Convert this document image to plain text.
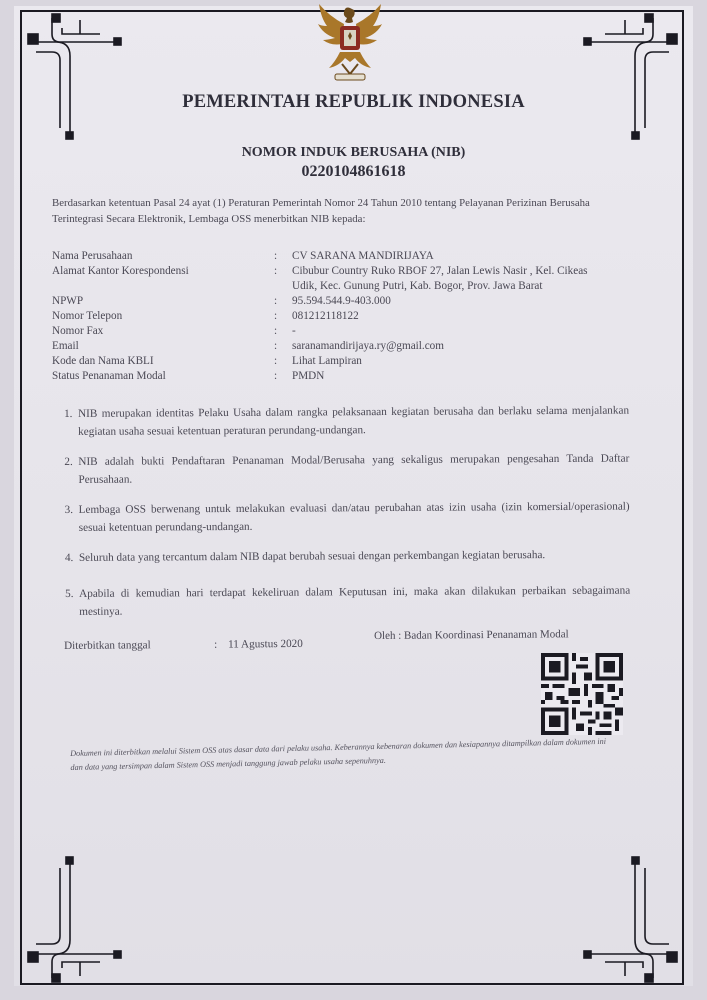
PEMERINTAH REPUBLIK INDONESIA
NOMOR INDUK BERUSAHA (NIB)
0220104861618
Berdasarkan ketentuan Pasal 24 ayat (1) Peraturan Pemerintah Nomor 24 Tahun 2010 tentang Pelayanan Perizinan Berusaha Terintegrasi Secara Elektronik, Lembaga OSS menerbitkan NIB kepada:
Nama Perusahaan	:	CV SARANA MANDIRIJAYA
Alamat Kantor Korespondensi	:	Cibubur Country Ruko RBOF 27, Jalan Lewis Nasir , Kel. Cikeas Udik, Kec. Gunung Putri, Kab. Bogor, Prov. Jawa Barat
NPWP	:	95.594.544.9-403.000
Nomor Telepon	:	081212118122
Nomor Fax	:	-
Email	:	saranamandirijaya.ry@gmail.com
Kode dan Nama KBLI	:	Lihat Lampiran
Status Penanaman Modal	:	PMDN
1. NIB merupakan identitas Pelaku Usaha dalam rangka pelaksanaan kegiatan berusaha dan berlaku selama menjalankan kegiatan usaha sesuai ketentuan peraturan perundang-undangan.
2. NIB adalah bukti Pendaftaran Penanaman Modal/Berusaha yang sekaligus merupakan pengesahan Tanda Daftar Perusahaan.
3. Lembaga OSS berwenang untuk melakukan evaluasi dan/atau perubahan atas izin usaha (izin komersial/operasional) sesuai ketentuan perundang-undangan.
4. Seluruh data yang tercantum dalam NIB dapat berubah sesuai dengan perkembangan kegiatan berusaha.
5. Apabila di kemudian hari terdapat kekeliruan dalam Keputusan ini, maka akan dilakukan perbaikan sebagaimana mestinya.
Diterbitkan tanggal	: 11 Agustus 2020
Oleh : Badan Koordinasi Penanaman Modal
Dokumen ini diterbitkan melalui Sistem OSS atas dasar data dari pelaku usaha. Keberannya kebenaran dokumen dan kesiapannya ditampilkan dalam dokumen ini dan data yang tersimpan dalam Sistem OSS menjadi tanggung jawab pelaku usaha sepenuhnya.
